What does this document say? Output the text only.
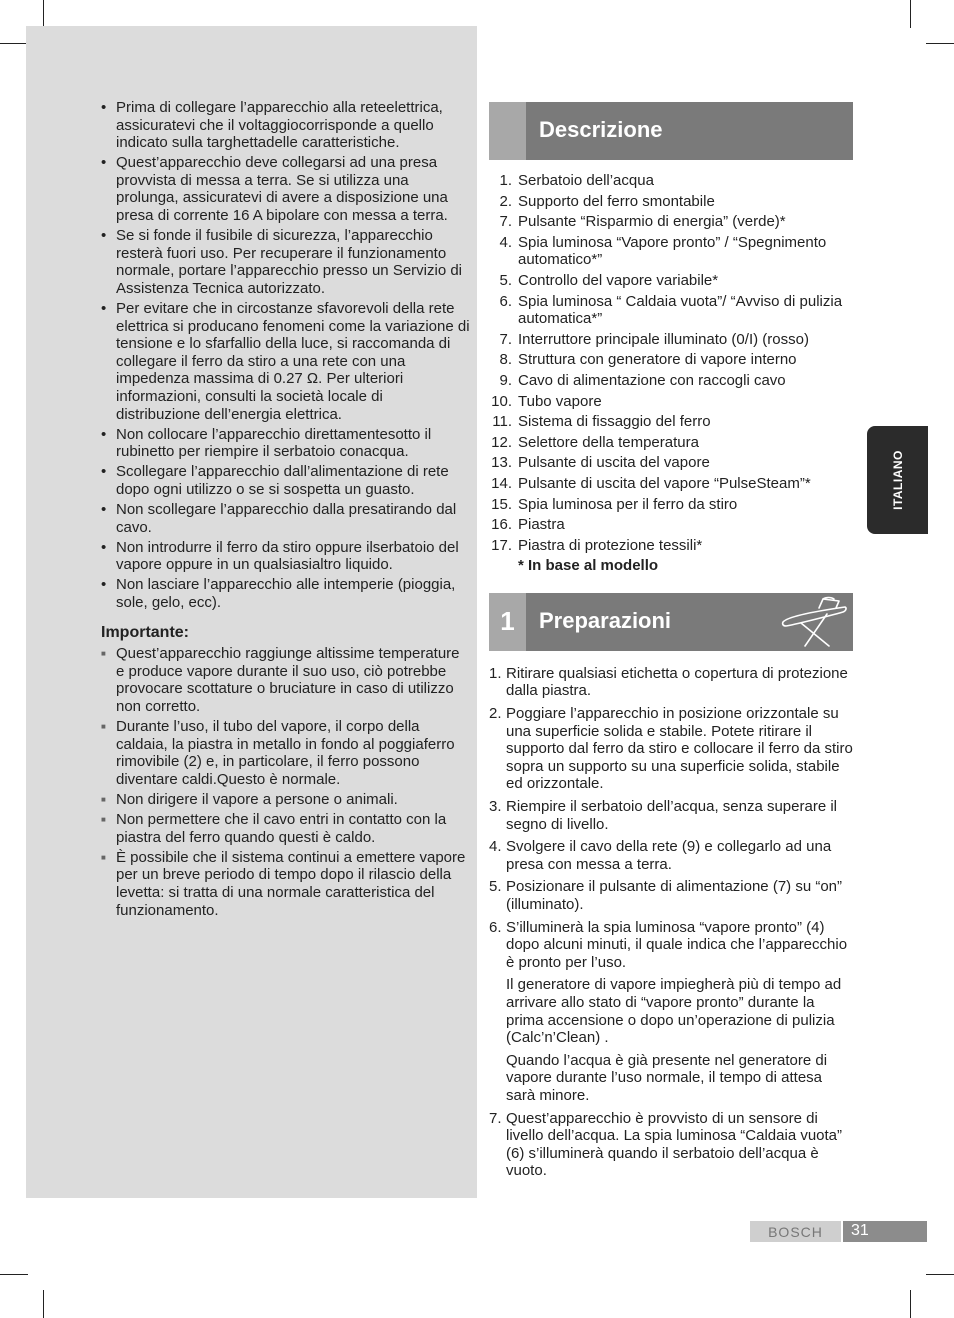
• Prima di collegare l’apparecchio alla reteelettrica, assicuratevi che il voltaggiocorrisponde a quello indicato sulla targhettadelle caratteristiche.
• Quest’apparecchio deve collegarsi ad una presa provvista di messa a terra. Se si utilizza una prolunga, assicuratevi di avere a disposizione una presa di corrente 16 A bipolare con messa a terra.
• Se si fonde il fusibile di sicurezza, l’apparecchio resterà fuori uso. Per recuperare il funzionamento normale, portare l’apparecchio presso un Servizio di Assistenza Tecnica autorizzato.
• Per evitare che in circostanze sfavorevoli della rete elettrica si producano fenomeni come la variazione di tensione e lo sfarfallio della luce, si raccomanda di collegare il ferro da stiro a una rete con una impedenza massima di 0.27 Ω. Per ulteriori informazioni, consulti la società locale di distribuzione dell’energia elettrica.
• Non collocare l’apparecchio direttamentesotto il rubinetto per riempire il serbatoio conacqua.
• Scollegare l’apparecchio dall’alimentazione di rete dopo ogni utilizzo o se si sospetta un guasto.
• Non scollegare l’apparecchio dalla presatirando dal cavo.
• Non introdurre il ferro da stiro oppure ilserbatoio del vapore oppure in un qualsiasialtro liquido.
• Non lasciare l’apparecchio alle intemperie (pioggia, sole, gelo, ecc).
Importante:
■ Quest’apparecchio raggiunge altissime temperature e produce vapore durante il suo uso, ciò potrebbe provocare scottature o bruciature in caso di utilizzo non corretto.
■ Durante l’uso, il tubo del vapore, il corpo della caldaia, la piastra in metallo in fondo al poggiaferro rimovibile (2) e, in particolare, il ferro possono diventare caldi.Questo è normale.
■ Non dirigere il vapore a persone o animali.
■ Non permettere che il cavo entri in contatto con la piastra del ferro quando questi è caldo.
■ È possibile che il sistema continui a emettere vapore per un breve periodo di tempo dopo il rilascio della levetta: si tratta di una normale caratteristica del funzionamento.
Descrizione
1. Serbatoio dell’acqua
2. Supporto del ferro smontabile
7. Pulsante “Risparmio di energia” (verde)*
4. Spia luminosa “Vapore pronto” / “Spegnimento automatico*”
5. Controllo del vapore variabile*
6. Spia luminosa “ Caldaia vuota”/ “Avviso di pulizia automatica*”
7. Interruttore principale illuminato (0/I) (rosso)
8. Struttura con generatore di vapore interno
9. Cavo di alimentazione con raccogli cavo
10. Tubo vapore
11. Sistema di fissaggio del ferro
12. Selettore della temperatura
13. Pulsante di uscita del vapore
14. Pulsante di uscita del vapore “PulseSteam”*
15. Spia luminosa per il ferro da stiro
16. Piastra
17. Piastra di protezione tessili*
* In base al modello
1	Preparazioni
1. Ritirare qualsiasi etichetta o copertura di protezione dalla piastra.
2. Poggiare l’apparecchio in posizione orizzontale su una superficie solida e stabile. Potete ritirare il supporto dal ferro da stiro e collocare il ferro da stiro sopra un supporto su una superficie solida, stabile ed orizzontale.
3. Riempire il serbatoio dell’acqua, senza superare il segno di livello.
4. Svolgere il cavo della rete (9) e collegarlo ad una presa con messa a terra.
5. Posizionare il pulsante di alimentazione (7) su “on” (illuminato).
6. S’illuminerà la spia luminosa “vapore pronto” (4) dopo alcuni minuti, il quale indica che l’apparecchio è pronto per l’uso.

Il generatore di vapore impiegherà più di tempo ad arrivare allo stato di “vapore pronto” durante la prima accensione o dopo un’operazione di pulizia (Calc’n’Clean) .

Quando l’acqua è già presente nel generatore di vapore durante l’uso normale, il tempo di attesa sarà minore.

7. Quest’apparecchio è provvisto di un sensore di livello dell’acqua. La spia luminosa “Caldaia vuota” (6) s’illuminerà quando il serbatoio dell’acqua è vuoto.
ITALIANO
BOSCH	31
